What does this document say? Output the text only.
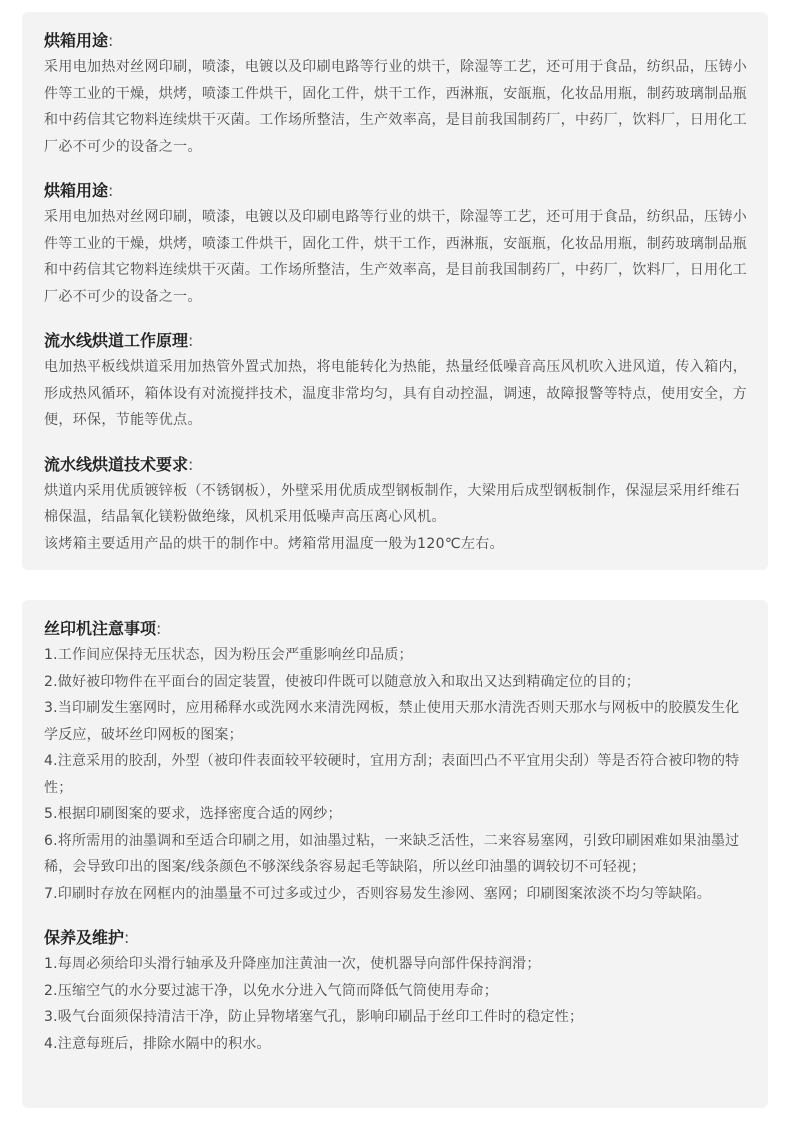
烘箱用途:

采用电加热对丝网印刷，喷漆，电镀以及印刷电路等行业的烘干，除湿等工艺，还可用于食品，纺织品，压铸小件等工业的干燥，烘烤，喷漆工件烘干，固化工件，烘干工作，西淋瓶，安瓿瓶，化妆品用瓶，制药玻璃制品瓶和中药信其它物料连续烘干灭菌。工作场所整洁，生产效率高，是目前我国制药厂，中药厂，饮料厂，日用化工厂必不可少的设备之一。

烘箱用途:

采用电加热对丝网印刷，喷漆，电镀以及印刷电路等行业的烘干，除湿等工艺，还可用于食品，纺织品，压铸小件等工业的干燥，烘烤，喷漆工件烘干，固化工件，烘干工作，西淋瓶，安瓿瓶，化妆品用瓶，制药玻璃制品瓶和中药信其它物料连续烘干灭菌。工作场所整洁，生产效率高，是目前我国制药厂，中药厂，饮料厂，日用化工厂必不可少的设备之一。

流水线烘道工作原理:

电加热平板线烘道采用加热管外置式加热，将电能转化为热能，热量经低噪音高压风机吹入进风道，传入箱内，形成热风循环，箱体设有对流搅拌技术，温度非常均匀，具有自动控温，调速，故障报警等特点，使用安全，方便，环保，节能等优点。

流水线烘道技术要求:

烘道内采用优质镀锌板（不锈钢板），外壁采用优质成型钢板制作，大梁用后成型钢板制作，保湿层采用纤维石棉保温，结晶氧化镁粉做绝缘，风机采用低噪声高压离心风机。

该烤箱主要适用产品的烘干的制作中。烤箱常用温度一般为120℃左右。

丝印机注意事项:

1.工作间应保持无压状态，因为粉压会严重影响丝印品质；

2.做好被印物件在平面台的固定装置，使被印件既可以随意放入和取出又达到精确定位的目的；

3.当印刷发生塞网时，应用稀释水或洗网水来清洗网板，禁止使用天那水清洗否则天那水与网板中的胶膜发生化学反应，破坏丝印网板的图案；

4.注意采用的胶刮，外型（被印件表面较平较硬时，宜用方刮；表面凹凸不平宜用尖刮）等是否符合被印物的特性；

5.根据印刷图案的要求，选择密度合适的网纱；

6.将所需用的油墨调和至适合印刷之用，如油墨过粘，一来缺乏活性，二来容易塞网，引致印刷困难如果油墨过稀，会导致印出的图案/线条颜色不够深线条容易起毛等缺陷，所以丝印油墨的调较切不可轻视；

7.印刷时存放在网框内的油墨量不可过多或过少，否则容易发生渗网、塞网；印刷图案浓淡不均匀等缺陷。

保养及维护:

1.每周必须给印头滑行轴承及升降座加注黄油一次，使机器导向部件保持润滑；

2.压缩空气的水分要过滤干净，以免水分进入气筒而降低气筒使用寿命；

3.吸气台面须保持清洁干净，防止异物堵塞气孔，影响印刷品于丝印工件时的稳定性；

4.注意每班后，排除水隔中的积水。
